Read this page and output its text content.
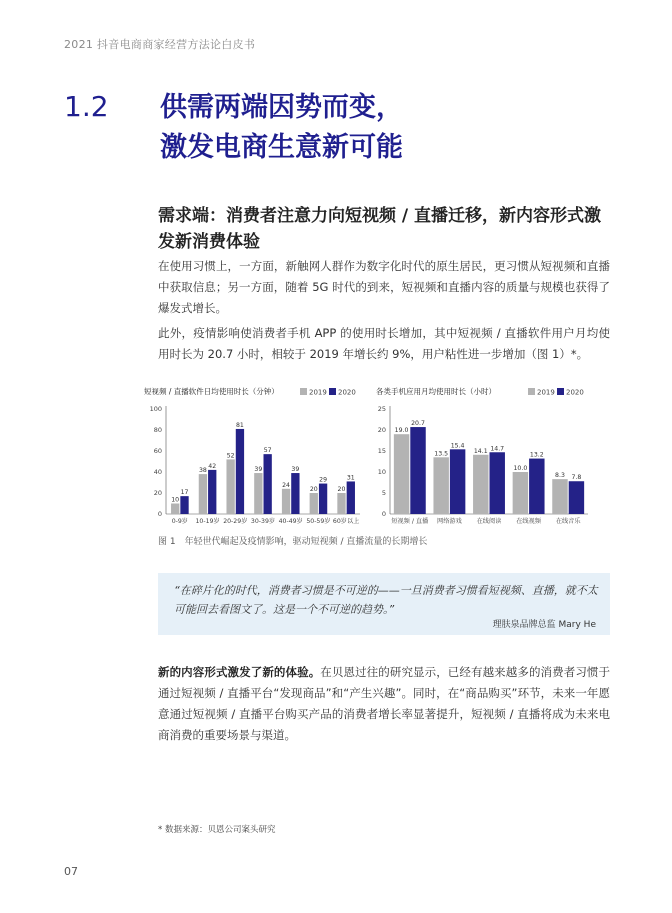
2021 抖音电商商家经营方法论白皮书
1.2 供需两端因势而变，
激发电商生意新可能
需求端：消费者注意力向短视频 / 直播迁移，新内容形式激发新消费体验
在使用习惯上，一方面，新触网人群作为数字化时代的原生居民，更习惯从短视频和直播中获取信息；另一方面，随着 5G 时代的到来，短视频和直播内容的质量与规模也获得了爆发式增长。
此外，疫情影响使消费者手机 APP 的使用时长增加，其中短视频 / 直播软件用户月均使用时长为 20.7 小时，相较于 2019 年增长约 9%，用户粘性进一步增加（图 1）*。
短视频 / 直播软件日均使用时长（分钟）	2019 2020
0
20
40
60
80
100
0-9岁
10
17
10-19岁
38
42
20-29岁
52
81
30-39岁
39
57
40-49岁
24
39
50-59岁
20
29
60岁以上
20
31
各类手机应用月均使用时长（小时）	2019 2020
0
5
10
15
20
25
短视频 / 直播
19.0
20.7
网络游戏
13.5
15.4
在线阅读
14.1 14.7
在线视频
10.0
13.2
在线音乐
8.3 7.8
图 1　年轻世代崛起及疫情影响，驱动短视频 / 直播流量的长期增长
“在碎片化的时代，消费者习惯是不可逆的——一旦消费者习惯看短视频、直播，就不太可能回去看图文了。这是一个不可逆的趋势。”
理肤泉品牌总监 Mary He
新的内容形式激发了新的体验。在贝恩过往的研究显示，已经有越来越多的消费者习惯于通过短视频 / 直播平台“发现商品”和“产生兴趣”。同时，在“商品购买”环节，未来一年愿意通过短视频 / 直播平台购买产品的消费者增长率显著提升，短视频 / 直播将成为未来电商消费的重要场景与渠道。
* 数据来源：贝恩公司案头研究
07
